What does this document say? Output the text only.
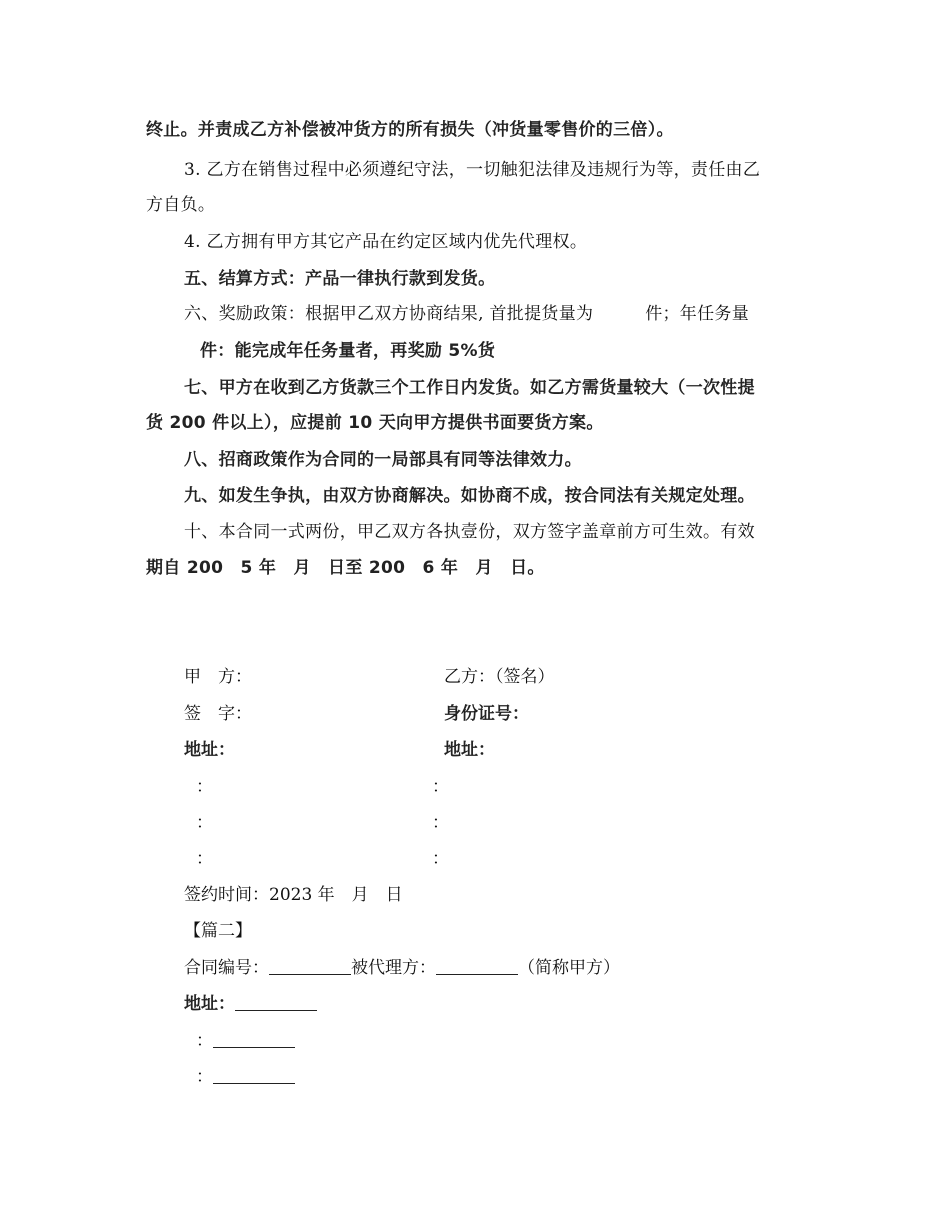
终止。并责成乙方补偿被冲货方的所有损失（冲货量零售价的三倍）。
3. 乙方在销售过程中必须遵纪守法，一切触犯法律及违规行为等，责任由乙
方自负。
4. 乙方拥有甲方其它产品在约定区域内优先代理权。
五、结算方式：产品一律执行款到发货。
六、奖励政策：根据甲乙双方协商结果, 首批提货量为　　　件；年任务量
件：能完成年任务量者，再奖励 5%货
七、甲方在收到乙方货款三个工作日内发货。如乙方需货量较大（一次性提
货 200 件以上），应提前 10 天向甲方提供书面要货方案。
八、招商政策作为合同的一局部具有同等法律效力。
九、如发生争执，由双方协商解决。如协商不成，按合同法有关规定处理。
十、本合同一式两份，甲乙双方各执壹份，双方签字盖章前方可生效。有效
期自 200　5 年　月　日至 200　6 年　月　日。
甲　方：	乙方：（签名）
签　字：	身份证号：
地址：	地址：
：	：
：	：
：	：
签约时间：2023 年　月　日
【篇二】
合同编号：	被代理方：	（简称甲方）
地址：
：
：
